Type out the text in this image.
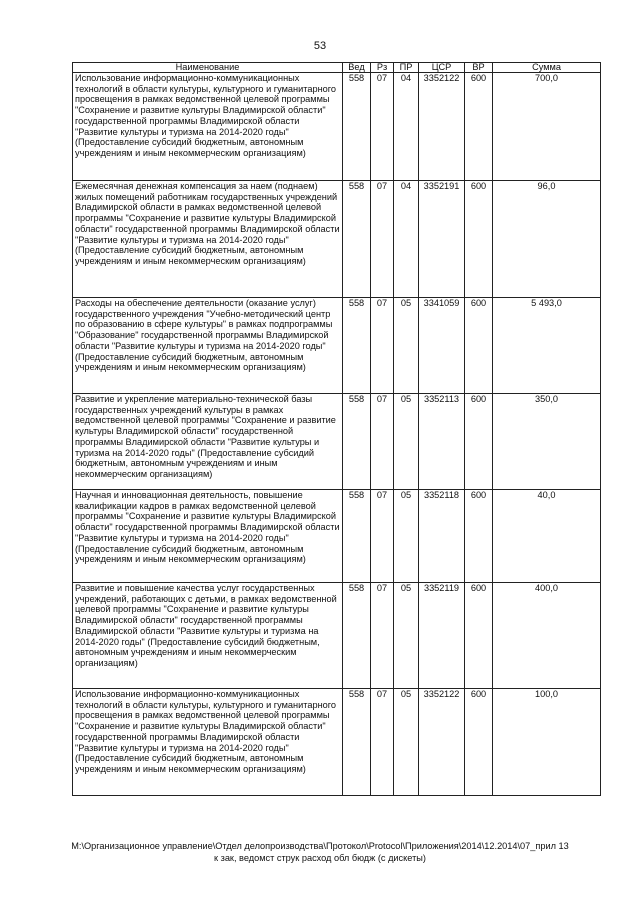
53
Наименование	Вед	Рз	ПР	ЦСР	ВР	Сумма
Использование информационно-коммуникационных технологий в области культуры, культурного и гуманитарного просвещения в рамках ведомственной целевой программы "Сохранение и развитие культуры Владимирской области" государственной программы Владимирской области "Развитие культуры и туризма на 2014-2020 годы" (Предоставление субсидий бюджетным, автономным учреждениям и иным некоммерческим организациям)	558	07	04	3352122	600	700,0
Ежемесячная денежная компенсация за наем (поднаем) жилых помещений работникам государственных учреждений Владимирской области в рамках ведомственной целевой программы "Сохранение и развитие культуры Владимирской области" государственной программы Владимирской области "Развитие культуры и туризма на 2014-2020 годы" (Предоставление субсидий бюджетным, автономным учреждениям и иным некоммерческим организациям)	558	07	04	3352191	600	96,0
Расходы на обеспечение деятельности (оказание услуг) государственного учреждения "Учебно-методический центр по образованию в сфере культуры" в рамках подпрограммы "Образование" государственной программы Владимирской области "Развитие культуры и туризма на 2014-2020 годы" (Предоставление субсидий бюджетным, автономным учреждениям и иным некоммерческим организациям)	558	07	05	3341059	600	5 493,0
Развитие и укрепление материально-технической базы государственных учреждений культуры в рамках ведомственной целевой программы "Сохранение и развитие культуры Владимирской области" государственной программы Владимирской области "Развитие культуры и туризма на 2014-2020 годы" (Предоставление субсидий бюджетным, автономным учреждениям и иным некоммерческим организациям)	558	07	05	3352113	600	350,0
Научная и инновационная деятельность, повышение квалификации кадров в рамках ведомственной целевой программы "Сохранение и развитие культуры Владимирской области" государственной программы Владимирской области "Развитие культуры и туризма на 2014-2020 годы" (Предоставление субсидий бюджетным, автономным учреждениям и иным некоммерческим организациям)	558	07	05	3352118	600	40,0
Развитие и повышение качества услуг государственных учреждений, работающих с детьми, в рамках ведомственной целевой программы "Сохранение и развитие культуры Владимирской области" государственной программы Владимирской области "Развитие культуры и туризма на 2014-2020 годы" (Предоставление субсидий бюджетным, автономным учреждениям и иным некоммерческим организациям)	558	07	05	3352119	600	400,0
Использование информационно-коммуникационных технологий в области культуры, культурного и гуманитарного просвещения в рамках ведомственной целевой программы "Сохранение и развитие культуры Владимирской области" государственной программы Владимирской области "Развитие культуры и туризма на 2014-2020 годы" (Предоставление субсидий бюджетным, автономным учреждениям и иным некоммерческим организациям)	558	07	05	3352122	600	100,0
M:\Организационное управление\Отдел делопроизводства\Протокол\Protocol\Приложения\2014\12.2014\07_прил 13
к зак, ведомст струк расход обл бюдж (с дискеты)
